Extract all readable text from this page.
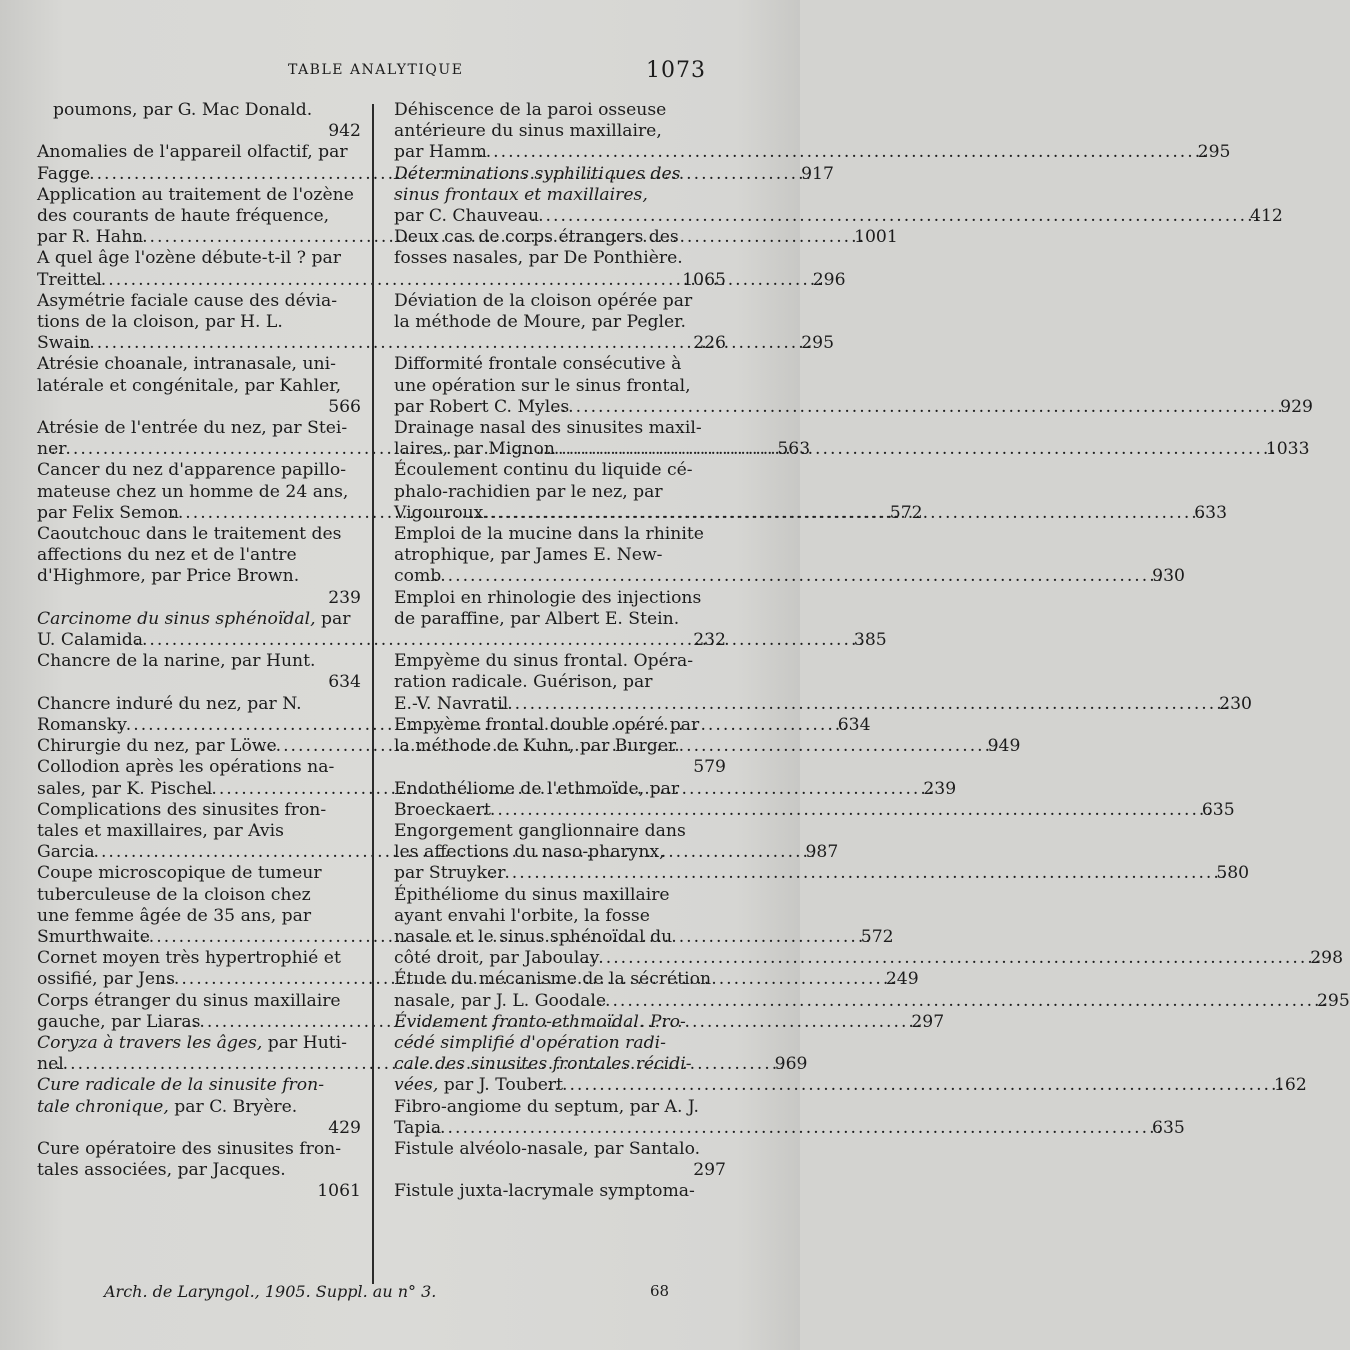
TABLE ANALYTIQUE	1073
poumons, par G. Mac Donald.
942
Anomalies de l'appareil olfactif, par
Fagge .....	917
Application au traitement de l'ozène
des courants de haute fréquence,
par R. Hahn .....	1001
A quel âge l'ozène débute-t-il ? par
Treittel .....	296
Asymétrie faciale cause des dévia-
tions de la cloison, par H. L.
Swain .....	295
Atrésie choanale, intranasale, uni-
latérale et congénitale, par Kahler,
566
Atrésie de l'entrée du nez, par Stei-
ner .....	563
Cancer du nez d'apparence papillo-
mateuse chez un homme de 24 ans,
par Felix Semon .....	572
Caoutchouc dans le traitement des
affections du nez et de l'antre
d'Highmore, par Price Brown.
239
Carcinome du sinus sphénoïdal, par
U. Calamida .....	385
Chancre de la narine, par Hunt.
634
Chancre induré du nez, par N.
Romansky .....	634
Chirurgie du nez, par Löwe .....	949
Collodion après les opérations na-
sales, par K. Pischel .....	239
Complications des sinusites fron-
tales et maxillaires, par Avis
Garcia .....	987
Coupe microscopique de tumeur
tuberculeuse de la cloison chez
une femme âgée de 35 ans, par
Smurthwaite .....	572
Cornet moyen très hypertrophié et
ossifié, par Jens .....	249
Corps étranger du sinus maxillaire
gauche, par Liaras .....	297
Coryza à travers les âges, par Huti-
nel .....	969
Cure radicale de la sinusite fron-
tale chronique, par C. Bryère.
429
Cure opératoire des sinusites fron-
tales associées, par Jacques.
1061
Déhiscence de la paroi osseuse
antérieure du sinus maxillaire,
par Hamm .....	295
Déterminations syphilitiques des
sinus frontaux et maxillaires,
par C. Chauveau .....	412
Deux cas de corps étrangers des
fosses nasales, par De Ponthière.
1065
Déviation de la cloison opérée par
la méthode de Moure, par Pegler.
226
Difformité frontale consécutive à
une opération sur le sinus frontal,
par Robert C. Myles .....	929
Drainage nasal des sinusites maxil-
laires, par Mignon .....	1033
Écoulement continu du liquide cé-
phalo-rachidien par le nez, par
Vigouroux .....	633
Emploi de la mucine dans la rhinite
atrophique, par James E. New-
comb .....	930
Emploi en rhinologie des injections
de paraffine, par Albert E. Stein.
232
Empyème du sinus frontal. Opéra-
ration radicale. Guérison, par
E.-V. Navratil .....	230
Empyème frontal double opéré par
la méthode de Kuhn, par Burger.
579
Endothéliome de l'ethmoïde, par
Broeckaert .....	635
Engorgement ganglionnaire dans
les affections du naso-pharynx,
par Struyker .....	580
Épithéliome du sinus maxillaire
ayant envahi l'orbite, la fosse
nasale et le sinus sphénoïdal du
côté droit, par Jaboulay .....	298
Étude du mécanisme de la sécrétion
nasale, par J. L. Goodale .....	295
Évidement fronto-ethmoïdal. Pro-
cédé simplifié d'opération radi-
cale des sinusites frontales récidi-
vées, par J. Toubert .....	162
Fibro-angiome du septum, par A. J.
Tapia .....	635
Fistule alvéolo-nasale, par Santalo.
297
Fistule juxta-lacrymale symptoma-
Arch. de Laryngol., 1905. Suppl. au n° 3.	68
